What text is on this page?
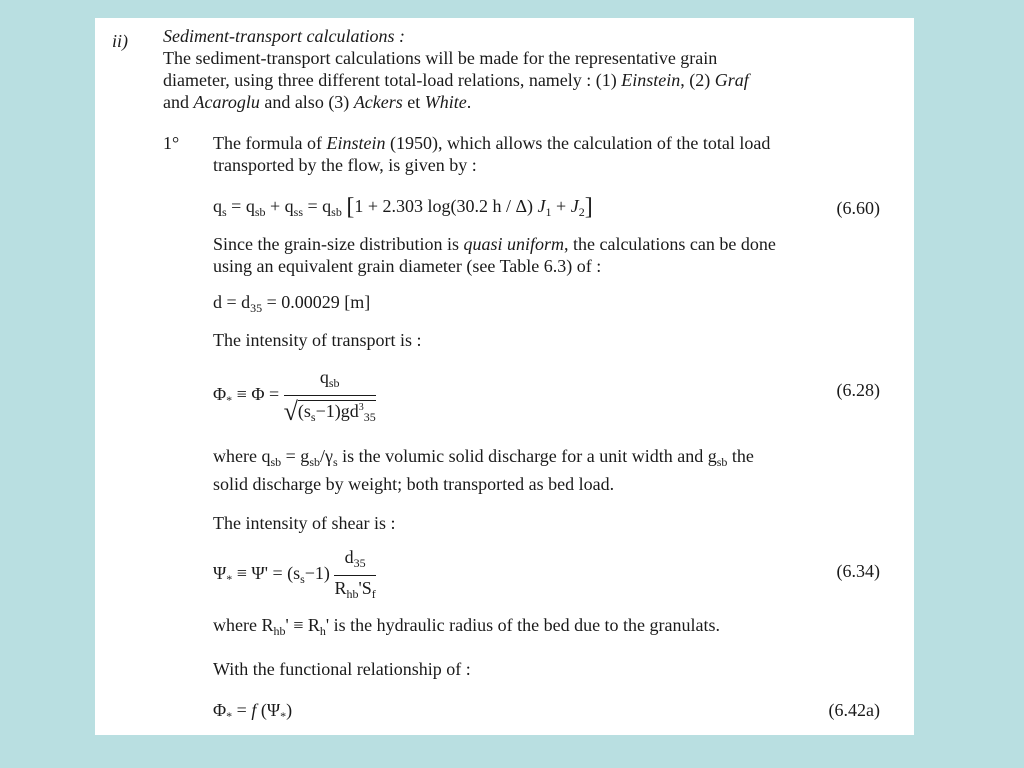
ii) Sediment-transport calculations :
The sediment-transport calculations will be made for the representative grain
diameter, using three different total-load relations, namely : (1) Einstein, (2) Graf
and Acaroglu and also (3) Ackers et White.
1° The formula of Einstein (1950), which allows the calculation of the total load
transported by the flow, is given by :
$q_s = q_{sb} + q_{ss} = q_{sb}$ [1 + 2.303 log(30.2 h / Δ) $J_1 + J_2$]	(6.60)
Since the grain-size distribution is quasi uniform, the calculations can be done
using an equivalent grain diameter (see Table 6.3) of :
$d = d_{35} = 0.00029$ [m]
The intensity of transport is :
$\Phi_* \equiv \Phi = \frac{q_{sb}}{√(s_s-1)gd^3_{35}}$	(6.28)
where $q_{sb} = g_{sb}/\gamma_s$ is the volumic solid discharge for a unit width and $g_{sb}$ the
solid discharge by weight; both transported as bed load.
The intensity of shear is :
$\Psi_* \equiv \Psi' = (s_s-1) \frac{d_{35}}{R_{hb}'S_f}$	(6.34)
where $R_{hb}' \equiv R_h'$ is the hydraulic radius of the bed due to the granulats.
With the functional relationship of :
$\Phi_* = f$ $(\Psi_*)$	(6.42a)
